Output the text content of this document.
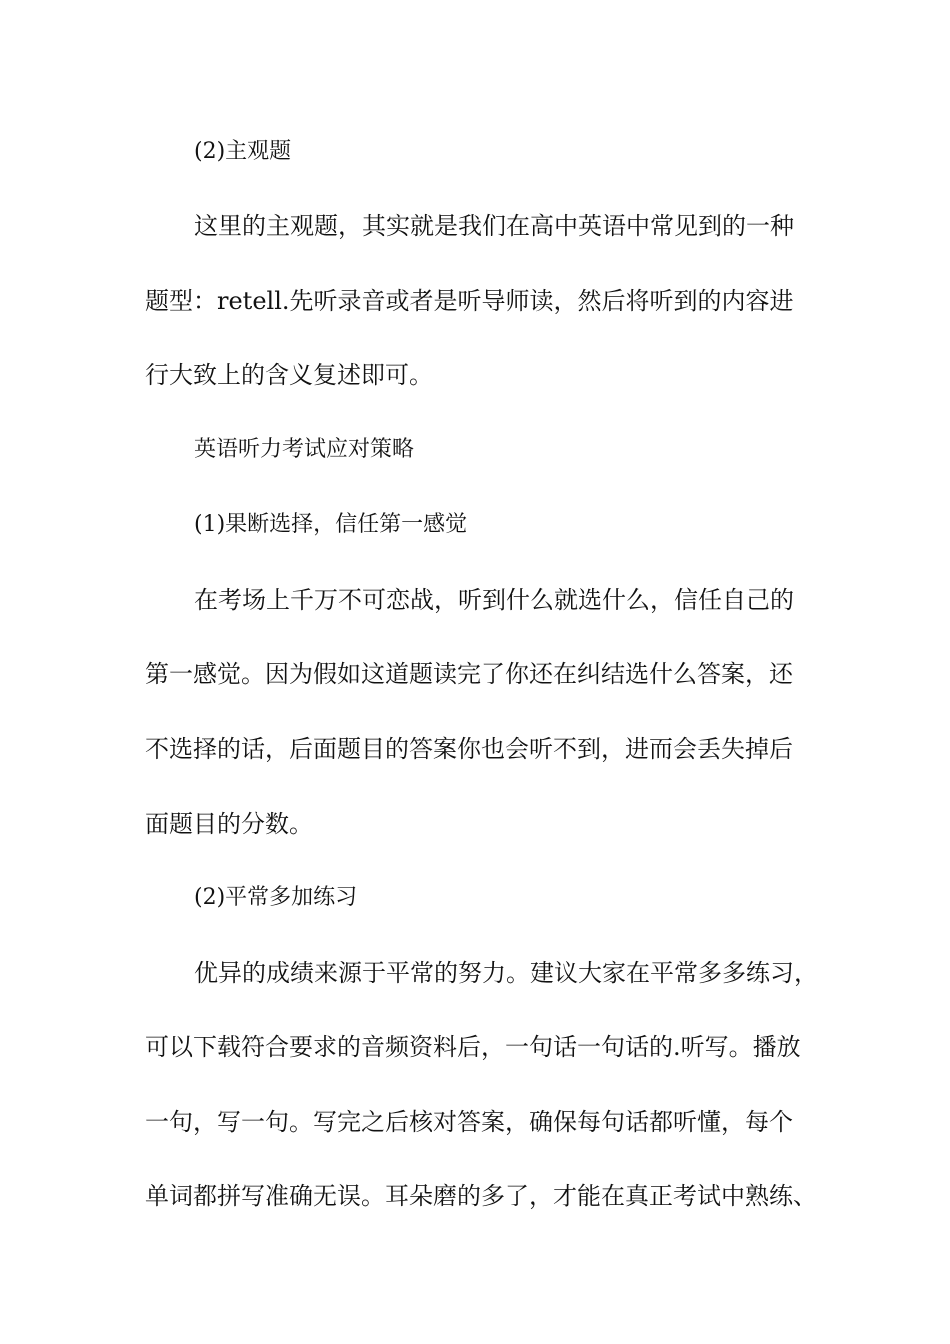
(2)主观题
这里的主观题，其实就是我们在高中英语中常见到的一种
题型：retell.先听录音或者是听导师读，然后将听到的内容进
行大致上的含义复述即可。
英语听力考试应对策略
(1)果断选择，信任第一感觉
在考场上千万不可恋战，听到什么就选什么，信任自己的
第一感觉。因为假如这道题读完了你还在纠结选什么答案，还
不选择的话，后面题目的答案你也会听不到，进而会丢失掉后
面题目的分数。
(2)平常多加练习
优异的成绩来源于平常的努力。建议大家在平常多多练习，
可以下载符合要求的音频资料后，一句话一句话的.听写。播放
一句，写一句。写完之后核对答案，确保每句话都听懂，每个
单词都拼写准确无误。耳朵磨的多了，才能在真正考试中熟练、
